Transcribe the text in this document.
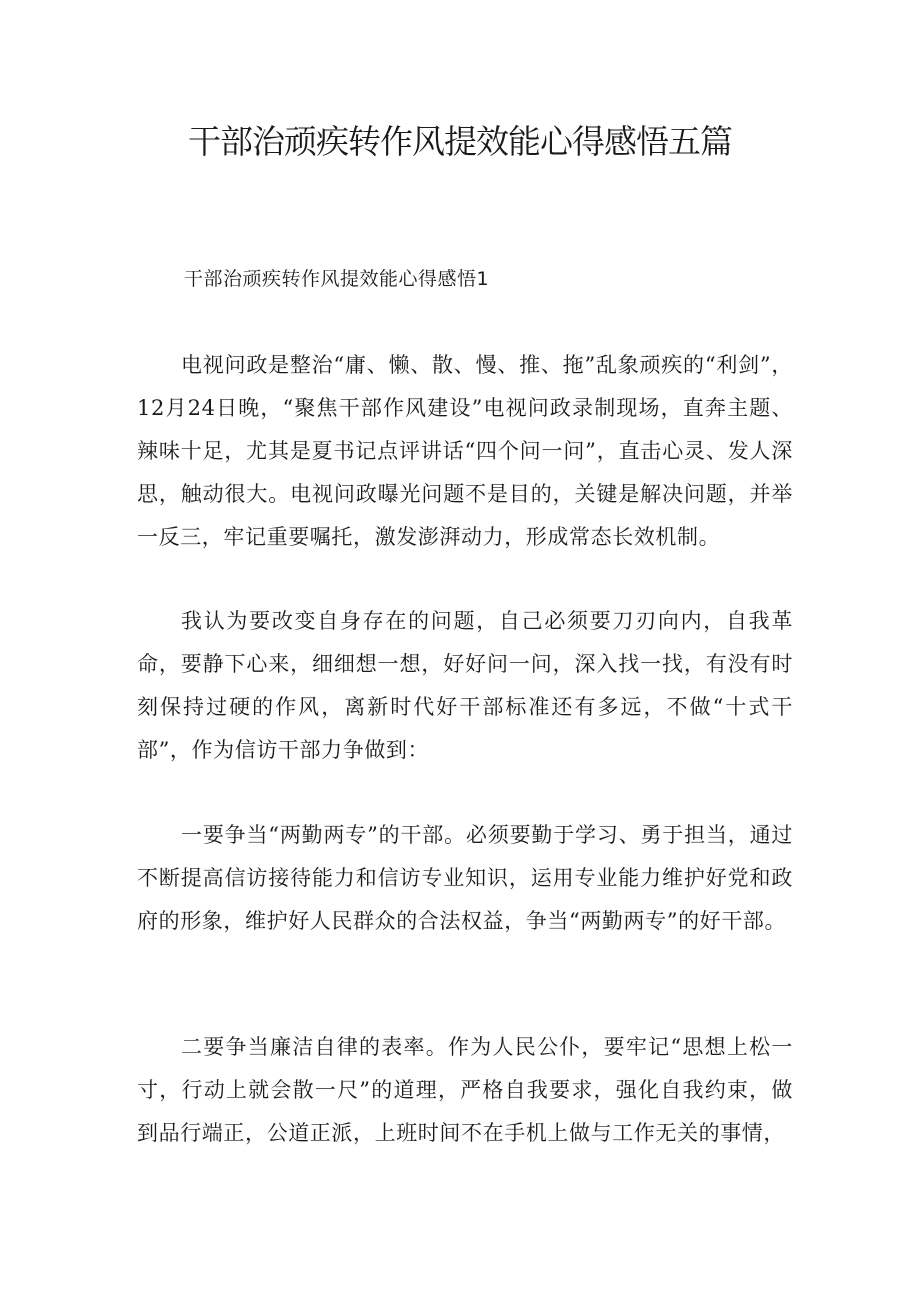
干部治顽疾转作风提效能心得感悟五篇

干部治顽疾转作风提效能心得感悟1

电视问政是整治“庸、懒、散、慢、推、拖”乱象顽疾的“利剑”，12月24日晚，“聚焦干部作风建设”电视问政录制现场，直奔主题、辣味十足，尤其是夏书记点评讲话“四个问一问”，直击心灵、发人深思，触动很大。电视问政曝光问题不是目的，关键是解决问题，并举一反三，牢记重要嘱托，激发澎湃动力，形成常态长效机制。

我认为要改变自身存在的问题，自己必须要刀刃向内，自我革命，要静下心来，细细想一想，好好问一问，深入找一找，有没有时刻保持过硬的作风，离新时代好干部标准还有多远，不做“十式干部”，作为信访干部力争做到：

一要争当“两勤两专”的干部。必须要勤于学习、勇于担当，通过不断提高信访接待能力和信访专业知识，运用专业能力维护好党和政府的形象，维护好人民群众的合法权益，争当“两勤两专”的好干部。

二要争当廉洁自律的表率。作为人民公仆，要牢记“思想上松一寸，行动上就会散一尺”的道理，严格自我要求，强化自我约束，做到品行端正，公道正派，上班时间不在手机上做与工作无关的事情，
